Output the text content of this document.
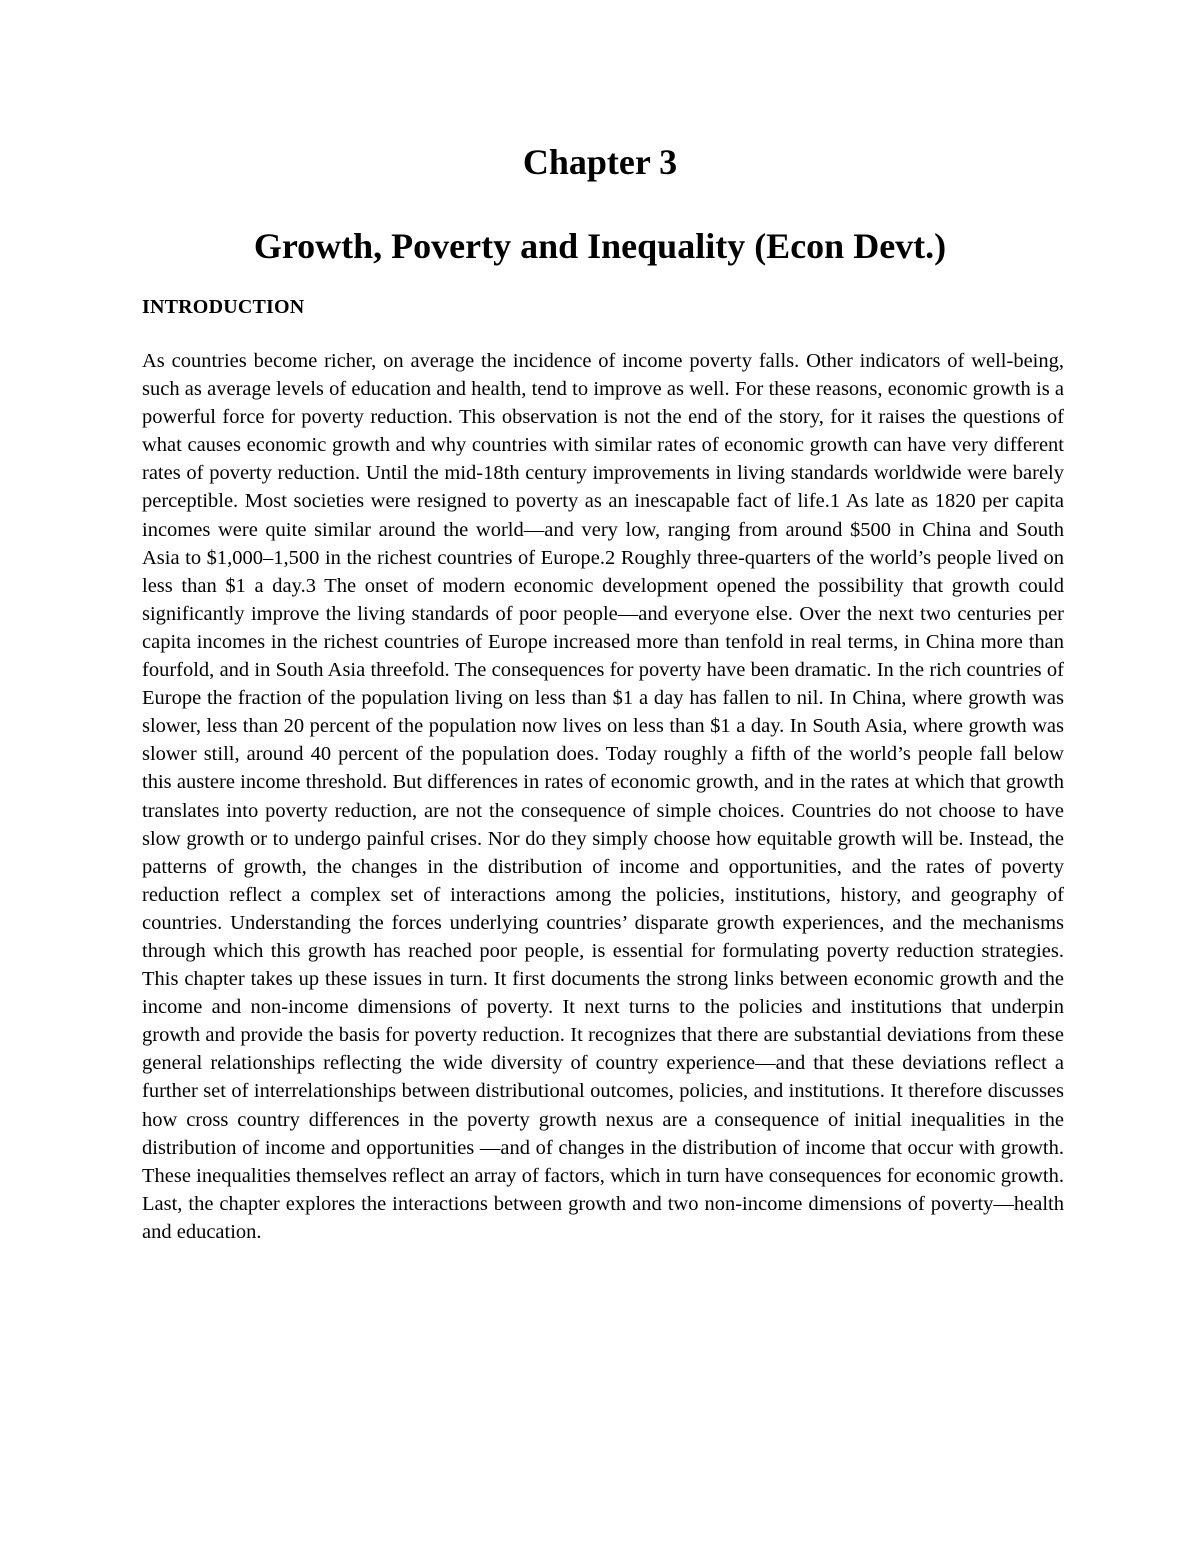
Chapter 3
Growth, Poverty and Inequality (Econ Devt.)
INTRODUCTION

As countries become richer, on average the incidence of income poverty falls. Other indicators of well-being, such as average levels of education and health, tend to improve as well. For these reasons, economic growth is a powerful force for poverty reduction. This observation is not the end of the story, for it raises the questions of what causes economic growth and why countries with similar rates of economic growth can have very different rates of poverty reduction. Until the mid-18th century improvements in living standards worldwide were barely perceptible. Most societies were resigned to poverty as an inescapable fact of life.1 As late as 1820 per capita incomes were quite similar around the world—and very low, ranging from around $500 in China and South Asia to $1,000–1,500 in the richest countries of Europe.2 Roughly three-quarters of the world’s people lived on less than $1 a day.3 The onset of modern economic development opened the possibility that growth could significantly improve the living standards of poor people—and everyone else. Over the next two centuries per capita incomes in the richest countries of Europe increased more than tenfold in real terms, in China more than fourfold, and in South Asia threefold. The consequences for poverty have been dramatic. In the rich countries of Europe the fraction of the population living on less than $1 a day has fallen to nil. In China, where growth was slower, less than 20 percent of the population now lives on less than $1 a day. In South Asia, where growth was slower still, around 40 percent of the population does. Today roughly a fifth of the world’s people fall below this austere income threshold. But differences in rates of economic growth, and in the rates at which that growth translates into poverty reduction, are not the consequence of simple choices. Countries do not choose to have slow growth or to undergo painful crises. Nor do they simply choose how equitable growth will be. Instead, the patterns of growth, the changes in the distribution of income and opportunities, and the rates of poverty reduction reflect a complex set of interactions among the policies, institutions, history, and geography of countries. Understanding the forces underlying countries’ disparate growth experiences, and the mechanisms through which this growth has reached poor people, is essential for formulating poverty reduction strategies. This chapter takes up these issues in turn. It first documents the strong links between economic growth and the income and non-income dimensions of poverty. It next turns to the policies and institutions that underpin growth and provide the basis for poverty reduction. It recognizes that there are substantial deviations from these general relationships reflecting the wide diversity of country experience—and that these deviations reflect a further set of interrelationships between distributional outcomes, policies, and institutions. It therefore discusses how cross country differences in the poverty growth nexus are a consequence of initial inequalities in the distribution of income and opportunities —and of changes in the distribution of income that occur with growth. These inequalities themselves reflect an array of factors, which in turn have consequences for economic growth. Last, the chapter explores the interactions between growth and two non-income dimensions of poverty—health and education.
